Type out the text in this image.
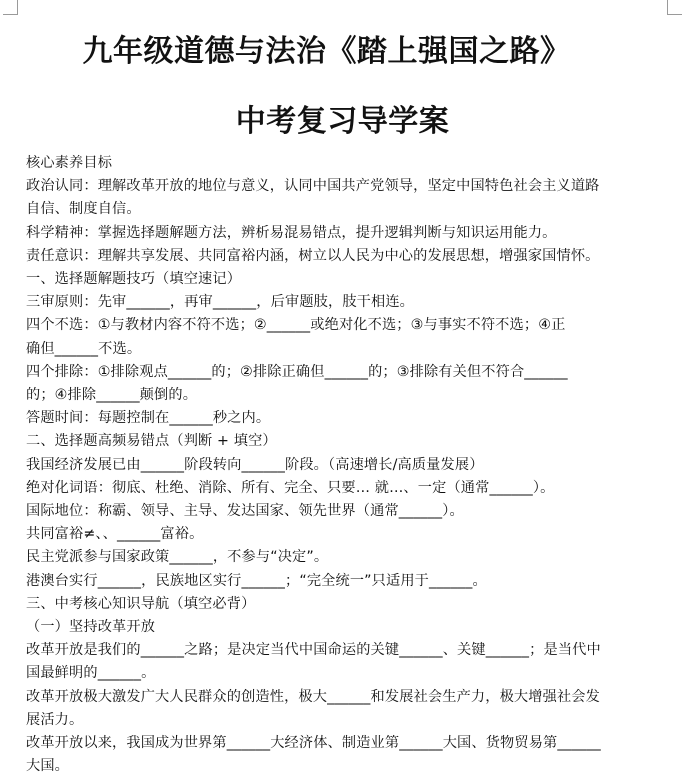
九年级道德与法治《踏上强国之路》
中考复习导学案
核心素养目标
政治认同：理解改革开放的地位与意义，认同中国共产党领导，坚定中国特色社会主义道路
自信、制度自信。
科学精神：掌握选择题解题方法，辨析易混易错点，提升逻辑判断与知识运用能力。
责任意识：理解共享发展、共同富裕内涵，树立以人民为中心的发展思想，增强家国情怀。
一、选择题解题技巧（填空速记）
三审原则：先审______，再审______，后审题肢，肢干相连。
四个不选：①与教材内容不符不选；②______或绝对化不选；③与事实不符不选；④正
确但______不选。
四个排除：①排除观点______的；②排除正确但______的；③排除有关但不符合______
的；④排除______颠倒的。
答题时间：每题控制在______秒之内。
二、选择题高频易错点（判断 + 填空）
我国经济发展已由______阶段转向______阶段。（高速增长/高质量发展）
绝对化词语：彻底、杜绝、消除、所有、完全、只要… 就…、一定（通常______）。
国际地位：称霸、领导、主导、发达国家、领先世界（通常______）。
共同富裕≠、、______富裕。
民主党派参与国家政策______，不参与“决定”。
港澳台实行______，民族地区实行______；“完全统一”只适用于______。
三、中考核心知识导航（填空必背）
（一）坚持改革开放
改革开放是我们的______之路；是决定当代中国命运的关键______、关键______；是当代中
国最鲜明的______。
改革开放极大激发广大人民群众的创造性，极大______和发展社会生产力，极大增强社会发
展活力。
改革开放以来，我国成为世界第______大经济体、制造业第______大国、货物贸易第______
大国。
